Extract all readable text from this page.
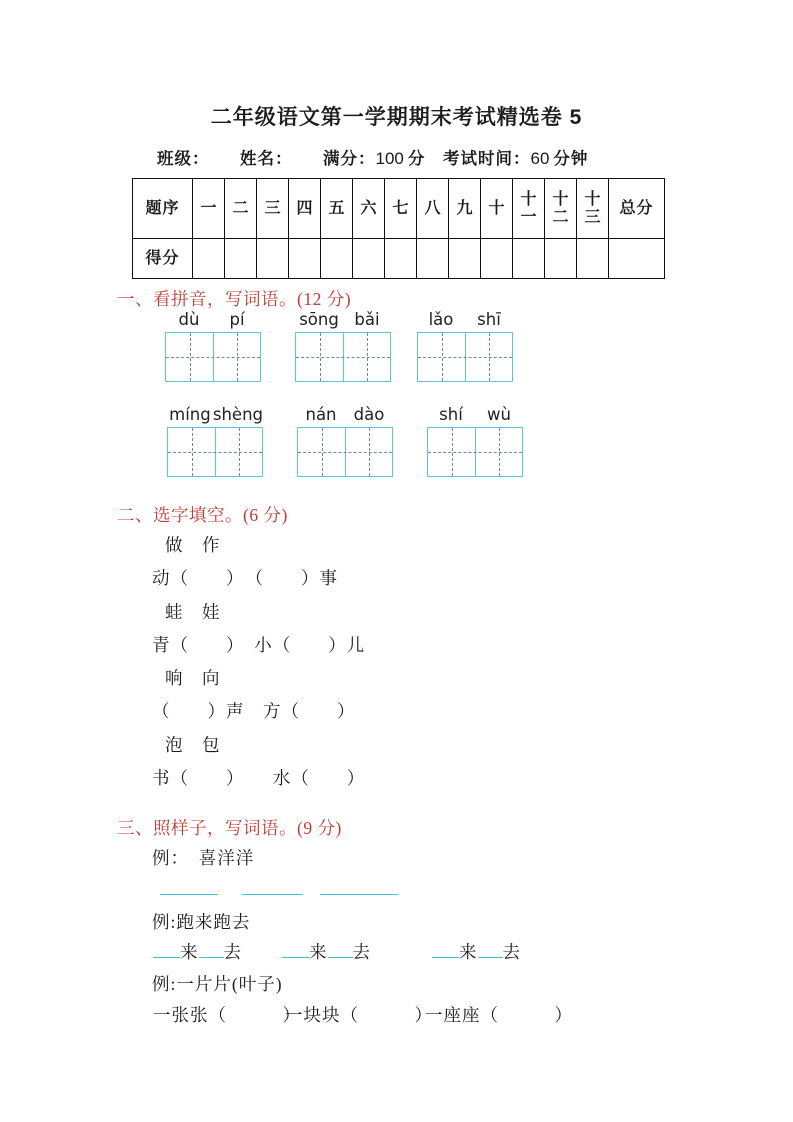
二年级语文第一学期期末考试精选卷 5
班级： 姓名： 满分：100 分 考试时间：60 分钟
题序	一	二	三	四	五	六	七	八	九	十	十一	十二	十三	总分
得分														
一、看拼音，写词语。(12 分)
dù	pí	sōng bǎi	lǎo	shī
míng shèng	nán	dào	shí	wù
二、选字填空。(6 分)
做　作
动（　　）　（　　）事
蛙　娃
青（　　）　小（　　）儿
响　向
（　　）声　方（　　）
泡　包
书（　　）　　水（　　）
三、照样子，写词语。(9 分)
例：　喜洋洋
例:跑来跑去
来 去	来 去	来 去
例:一片片(叶子)
一张张（　　　）
一块块（　　　）
一座座（　　　）
